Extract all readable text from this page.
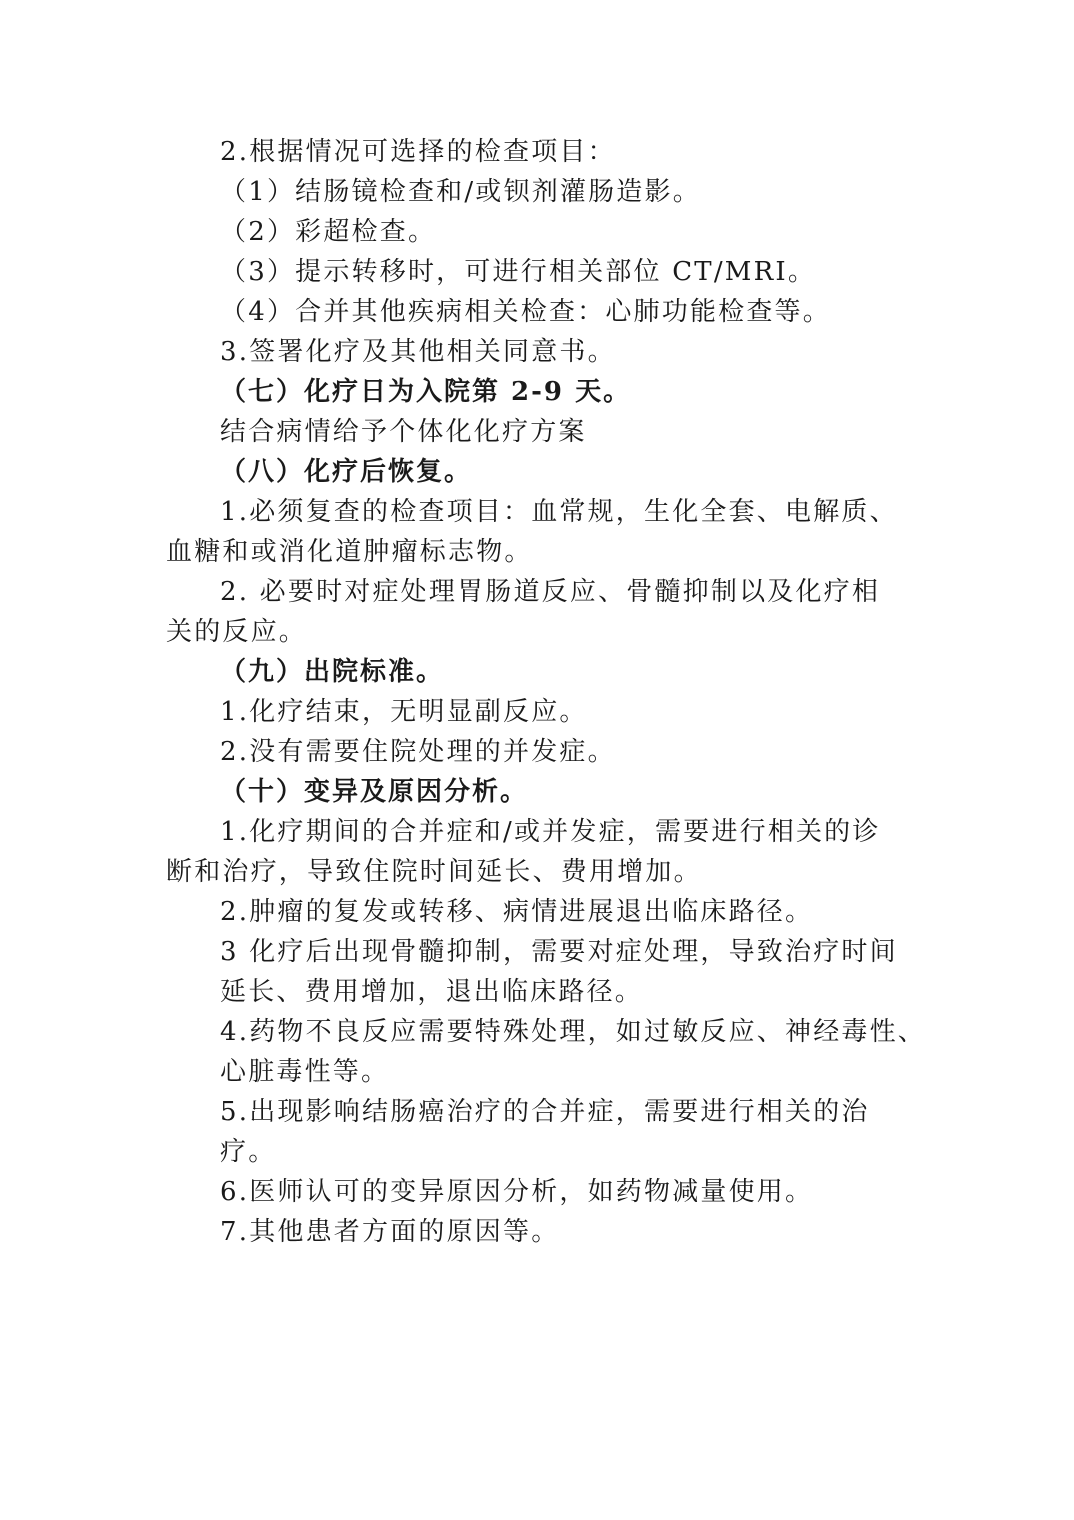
2.根据情况可选择的检查项目：
（1）结肠镜检查和/或钡剂灌肠造影。
（2）彩超检查。
（3）提示转移时，可进行相关部位 CT/MRI。
（4）合并其他疾病相关检查：心肺功能检查等。
3.签署化疗及其他相关同意书。
（七）化疗日为入院第 2-9 天。
结合病情给予个体化化疗方案
（八）化疗后恢复。
1.必须复查的检查项目：血常规，生化全套、电解质、
血糖和或消化道肿瘤标志物。
2. 必要时对症处理胃肠道反应、骨髓抑制以及化疗相
关的反应。
（九）出院标准。
1.化疗结束，无明显副反应。
2.没有需要住院处理的并发症。
（十）变异及原因分析。
1.化疗期间的合并症和/或并发症，需要进行相关的诊
断和治疗，导致住院时间延长、费用增加。
2.肿瘤的复发或转移、病情进展退出临床路径。
3 化疗后出现骨髓抑制，需要对症处理，导致治疗时间
延长、费用增加，退出临床路径。
4.药物不良反应需要特殊处理，如过敏反应、神经毒性、
心脏毒性等。
5.出现影响结肠癌治疗的合并症，需要进行相关的治
疗。
6.医师认可的变异原因分析，如药物减量使用。
7.其他患者方面的原因等。
